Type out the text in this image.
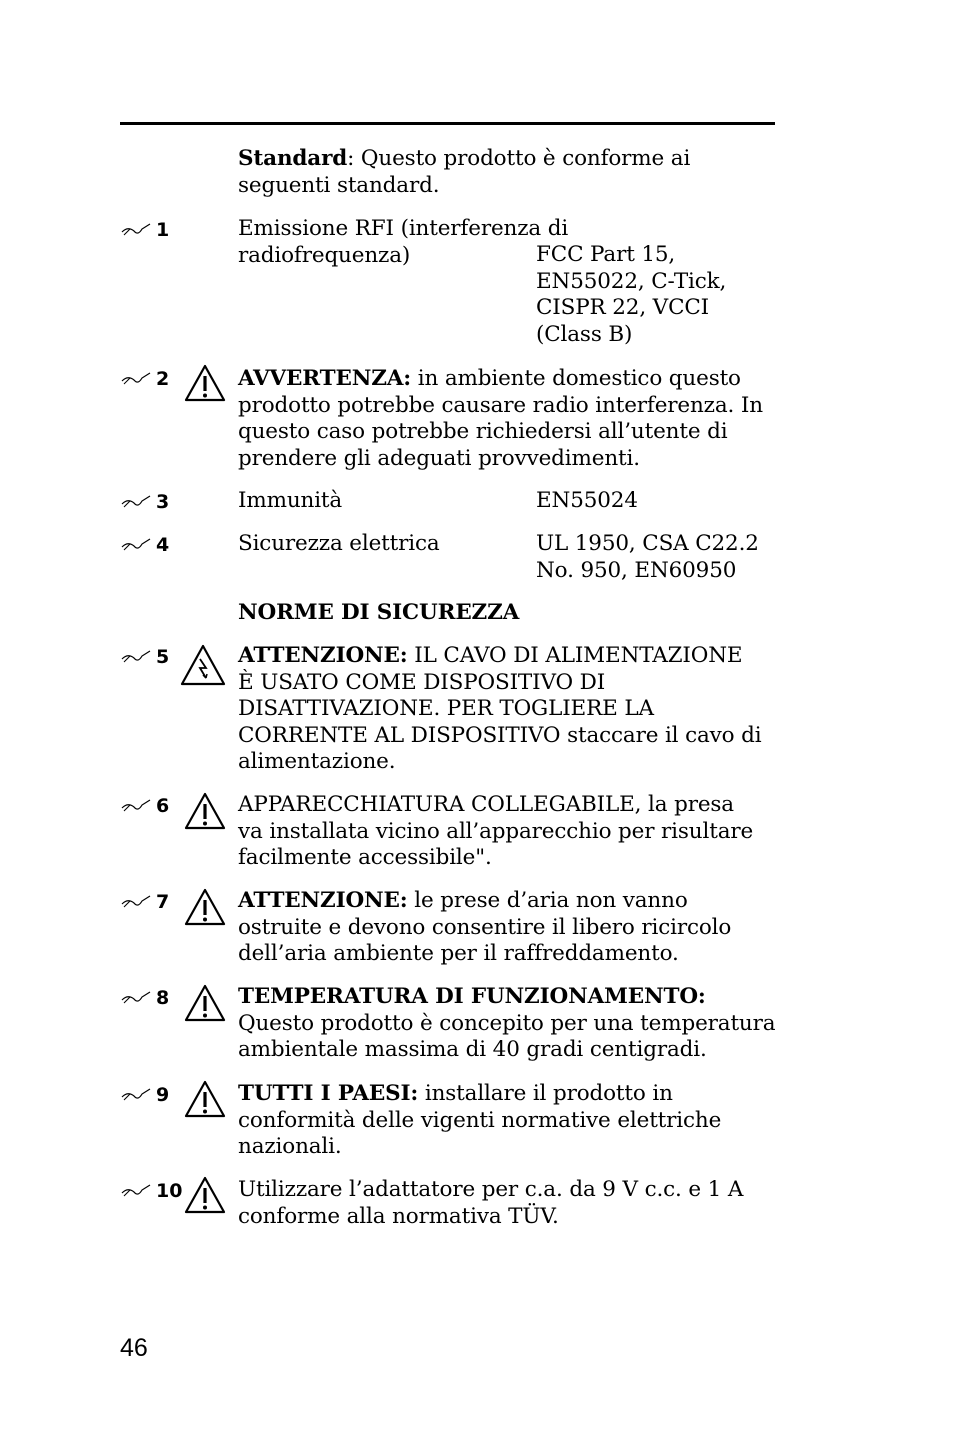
Standard: Questo prodotto è conforme ai
seguenti standard.
1	Emissione RFI (interferenza di
radiofrequenza)	FCC Part 15,
EN55022, C-Tick,
CISPR 22, VCCI
(Class B)
2	AVVERTENZA: in ambiente domestico questo
prodotto potrebbe causare radio interferenza. In
questo caso potrebbe richiedersi all’utente di
prendere gli adeguati provvedimenti.
3	Immunità	EN55024
4	Sicurezza elettrica	UL 1950, CSA C22.2
No. 950, EN60950
NORME DI SICUREZZA
5	ATTENZIONE: IL CAVO DI ALIMENTAZIONE
È USATO COME DISPOSITIVO DI
DISATTIVAZIONE. PER TOGLIERE LA
CORRENTE AL DISPOSITIVO staccare il cavo di
alimentazione.
6	APPARECCHIATURA COLLEGABILE, la presa
va installata vicino all’apparecchio per risultare
facilmente accessibile".
7	ATTENZIONE: le prese d’aria non vanno
ostruite e devono consentire il libero ricircolo
dell’aria ambiente per il raffreddamento.
8	TEMPERATURA DI FUNZIONAMENTO:
Questo prodotto è concepito per una temperatura
ambientale massima di 40 gradi centigradi.
9	TUTTI I PAESI: installare il prodotto in
conformità delle vigenti normative elettriche
nazionali.
10	Utilizzare l’adattatore per c.a. da 9 V c.c. e 1 A
conforme alla normativa TÜV.
46
